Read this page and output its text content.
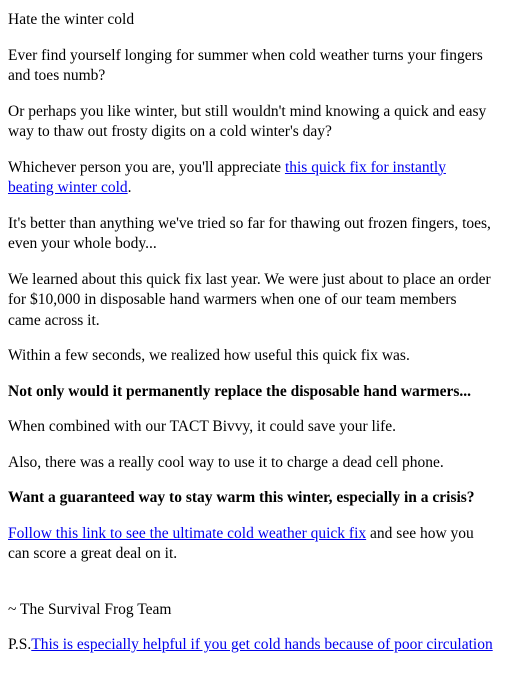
Hate the winter cold

Ever find yourself longing for summer when cold weather turns your fingers and toes numb?

Or perhaps you like winter, but still wouldn't mind knowing a quick and easy way to thaw out frosty digits on a cold winter's day?

Whichever person you are, you'll appreciate this quick fix for instantly beating winter cold.

It's better than anything we've tried so far for thawing out frozen fingers, toes, even your whole body...

We learned about this quick fix last year. We were just about to place an order for $10,000 in disposable hand warmers when one of our team members came across it.

Within a few seconds, we realized how useful this quick fix was.

Not only would it permanently replace the disposable hand warmers...

When combined with our TACT Bivvy, it could save your life.

Also, there was a really cool way to use it to charge a dead cell phone.

Want a guaranteed way to stay warm this winter, especially in a crisis?

Follow this link to see the ultimate cold weather quick fix and see how you can score a great deal on it.

~ The Survival Frog Team

P.S.This is especially helpful if you get cold hands because of poor circulation
